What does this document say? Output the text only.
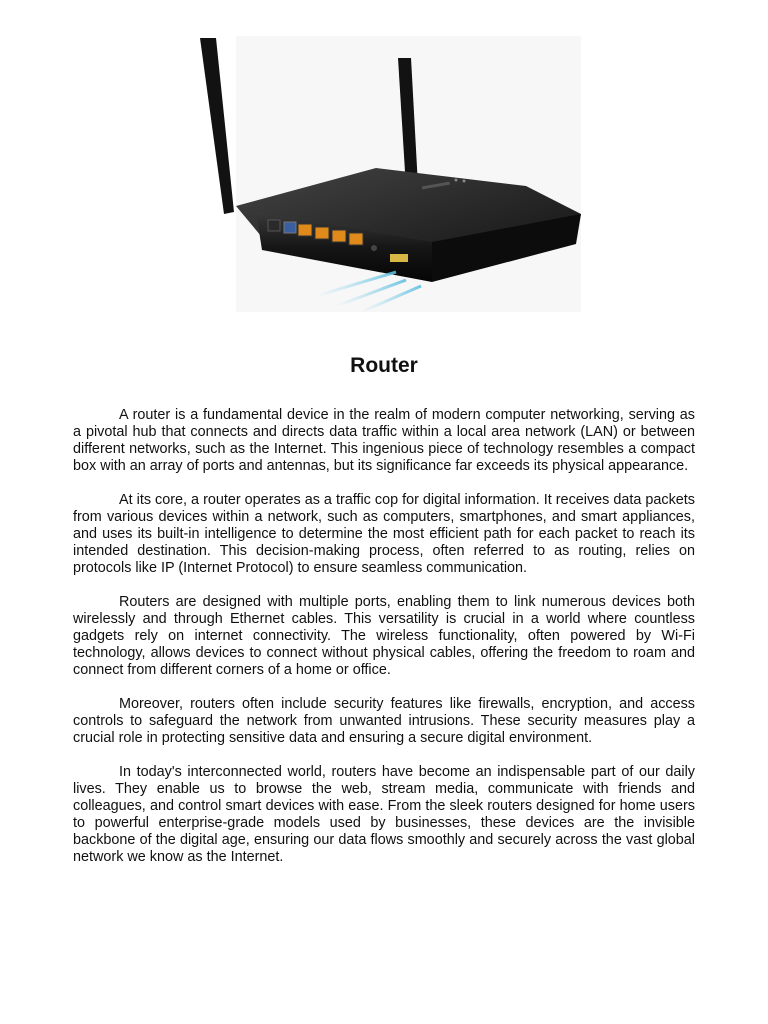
Router

A router is a fundamental device in the realm of modern computer networking, serving as a pivotal hub that connects and directs data traffic within a local area network (LAN) or between different networks, such as the Internet. This ingenious piece of technology resembles a compact box with an array of ports and antennas, but its significance far exceeds its physical appearance.

At its core, a router operates as a traffic cop for digital information. It receives data packets from various devices within a network, such as computers, smartphones, and smart appliances, and uses its built-in intelligence to determine the most efficient path for each packet to reach its intended destination. This decision-making process, often referred to as routing, relies on protocols like IP (Internet Protocol) to ensure seamless communication.

Routers are designed with multiple ports, enabling them to link numerous devices both wirelessly and through Ethernet cables. This versatility is crucial in a world where countless gadgets rely on internet connectivity. The wireless functionality, often powered by Wi-Fi technology, allows devices to connect without physical cables, offering the freedom to roam and connect from different corners of a home or office.

Moreover, routers often include security features like firewalls, encryption, and access controls to safeguard the network from unwanted intrusions. These security measures play a crucial role in protecting sensitive data and ensuring a secure digital environment.

In today's interconnected world, routers have become an indispensable part of our daily lives. They enable us to browse the web, stream media, communicate with friends and colleagues, and control smart devices with ease. From the sleek routers designed for home users to powerful enterprise-grade models used by businesses, these devices are the invisible backbone of the digital age, ensuring our data flows smoothly and securely across the vast global network we know as the Internet.
